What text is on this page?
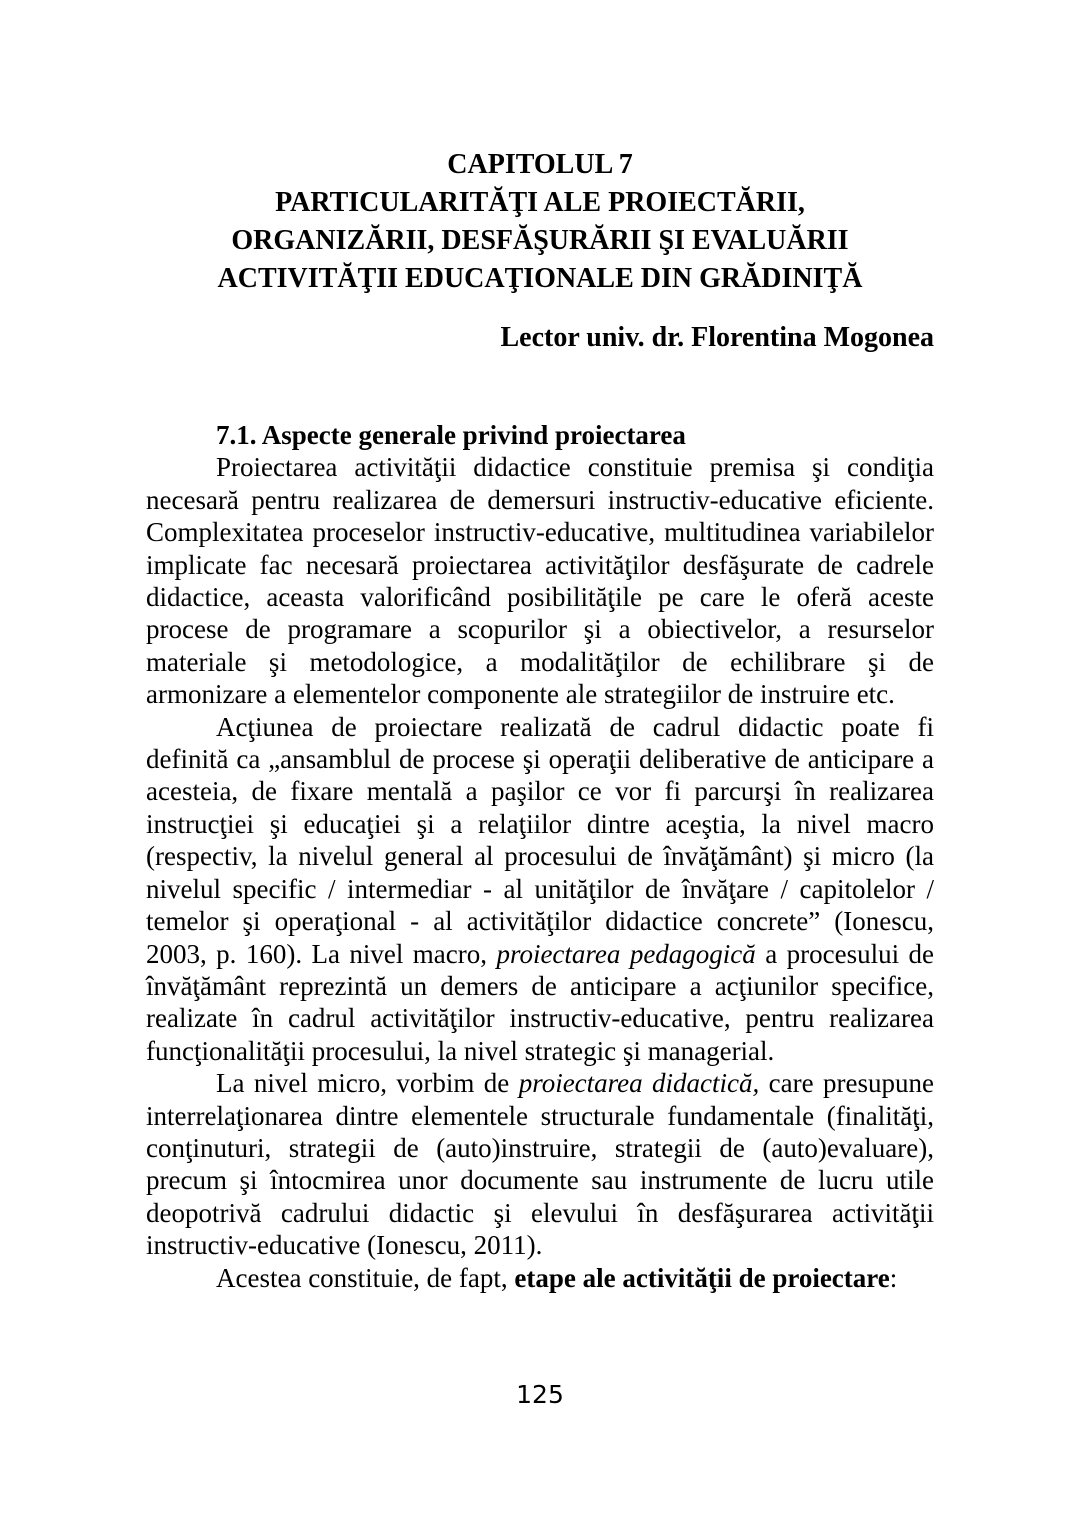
CAPITOLUL 7
PARTICULARITĂŢI ALE PROIECTĂRII,
ORGANIZĂRII, DESFĂŞURĂRII ŞI EVALUĂRII
ACTIVITĂŢII EDUCAŢIONALE DIN GRĂDINIŢĂ
Lector univ. dr. Florentina Mogonea
7.1. Aspecte generale privind proiectarea

Proiectarea activităţii didactice constituie premisa şi condiţia necesară pentru realizarea de demersuri instructiv-educative eficiente. Complexitatea proceselor instructiv-educative, multitudinea variabilelor implicate fac necesară proiectarea activităţilor desfăşurate de cadrele didactice, aceasta valorificând posibilităţile pe care le oferă aceste procese de programare a scopurilor şi a obiectivelor, a resurselor materiale şi metodologice, a modalităţilor de echilibrare şi de armonizare a elementelor componente ale strategiilor de instruire etc.

Acţiunea de proiectare realizată de cadrul didactic poate fi definită ca „ansamblul de procese şi operaţii deliberative de anticipare a acesteia, de fixare mentală a paşilor ce vor fi parcurşi în realizarea instrucţiei şi educaţiei şi a relaţiilor dintre aceştia, la nivel macro (respectiv, la nivelul general al procesului de învăţământ) şi micro (la nivelul specific / intermediar - al unităţilor de învăţare / capitolelor / temelor şi operaţional - al activităţilor didactice concrete” (Ionescu, 2003, p. 160). La nivel macro, proiectarea pedagogică a procesului de învăţământ reprezintă un demers de anticipare a acţiunilor specifice, realizate în cadrul activităţilor instructiv-educative, pentru realizarea funcţionalităţii procesului, la nivel strategic şi managerial.

La nivel micro, vorbim de proiectarea didactică, care presupune interrelaţionarea dintre elementele structurale fundamentale (finalităţi, conţinuturi, strategii de (auto)instruire, strategii de (auto)evaluare), precum şi întocmirea unor documente sau instrumente de lucru utile deopotrivă cadrului didactic şi elevului în desfăşurarea activităţii instructiv-educative (Ionescu, 2011).

Acestea constituie, de fapt, etape ale activităţii de proiectare:

125
